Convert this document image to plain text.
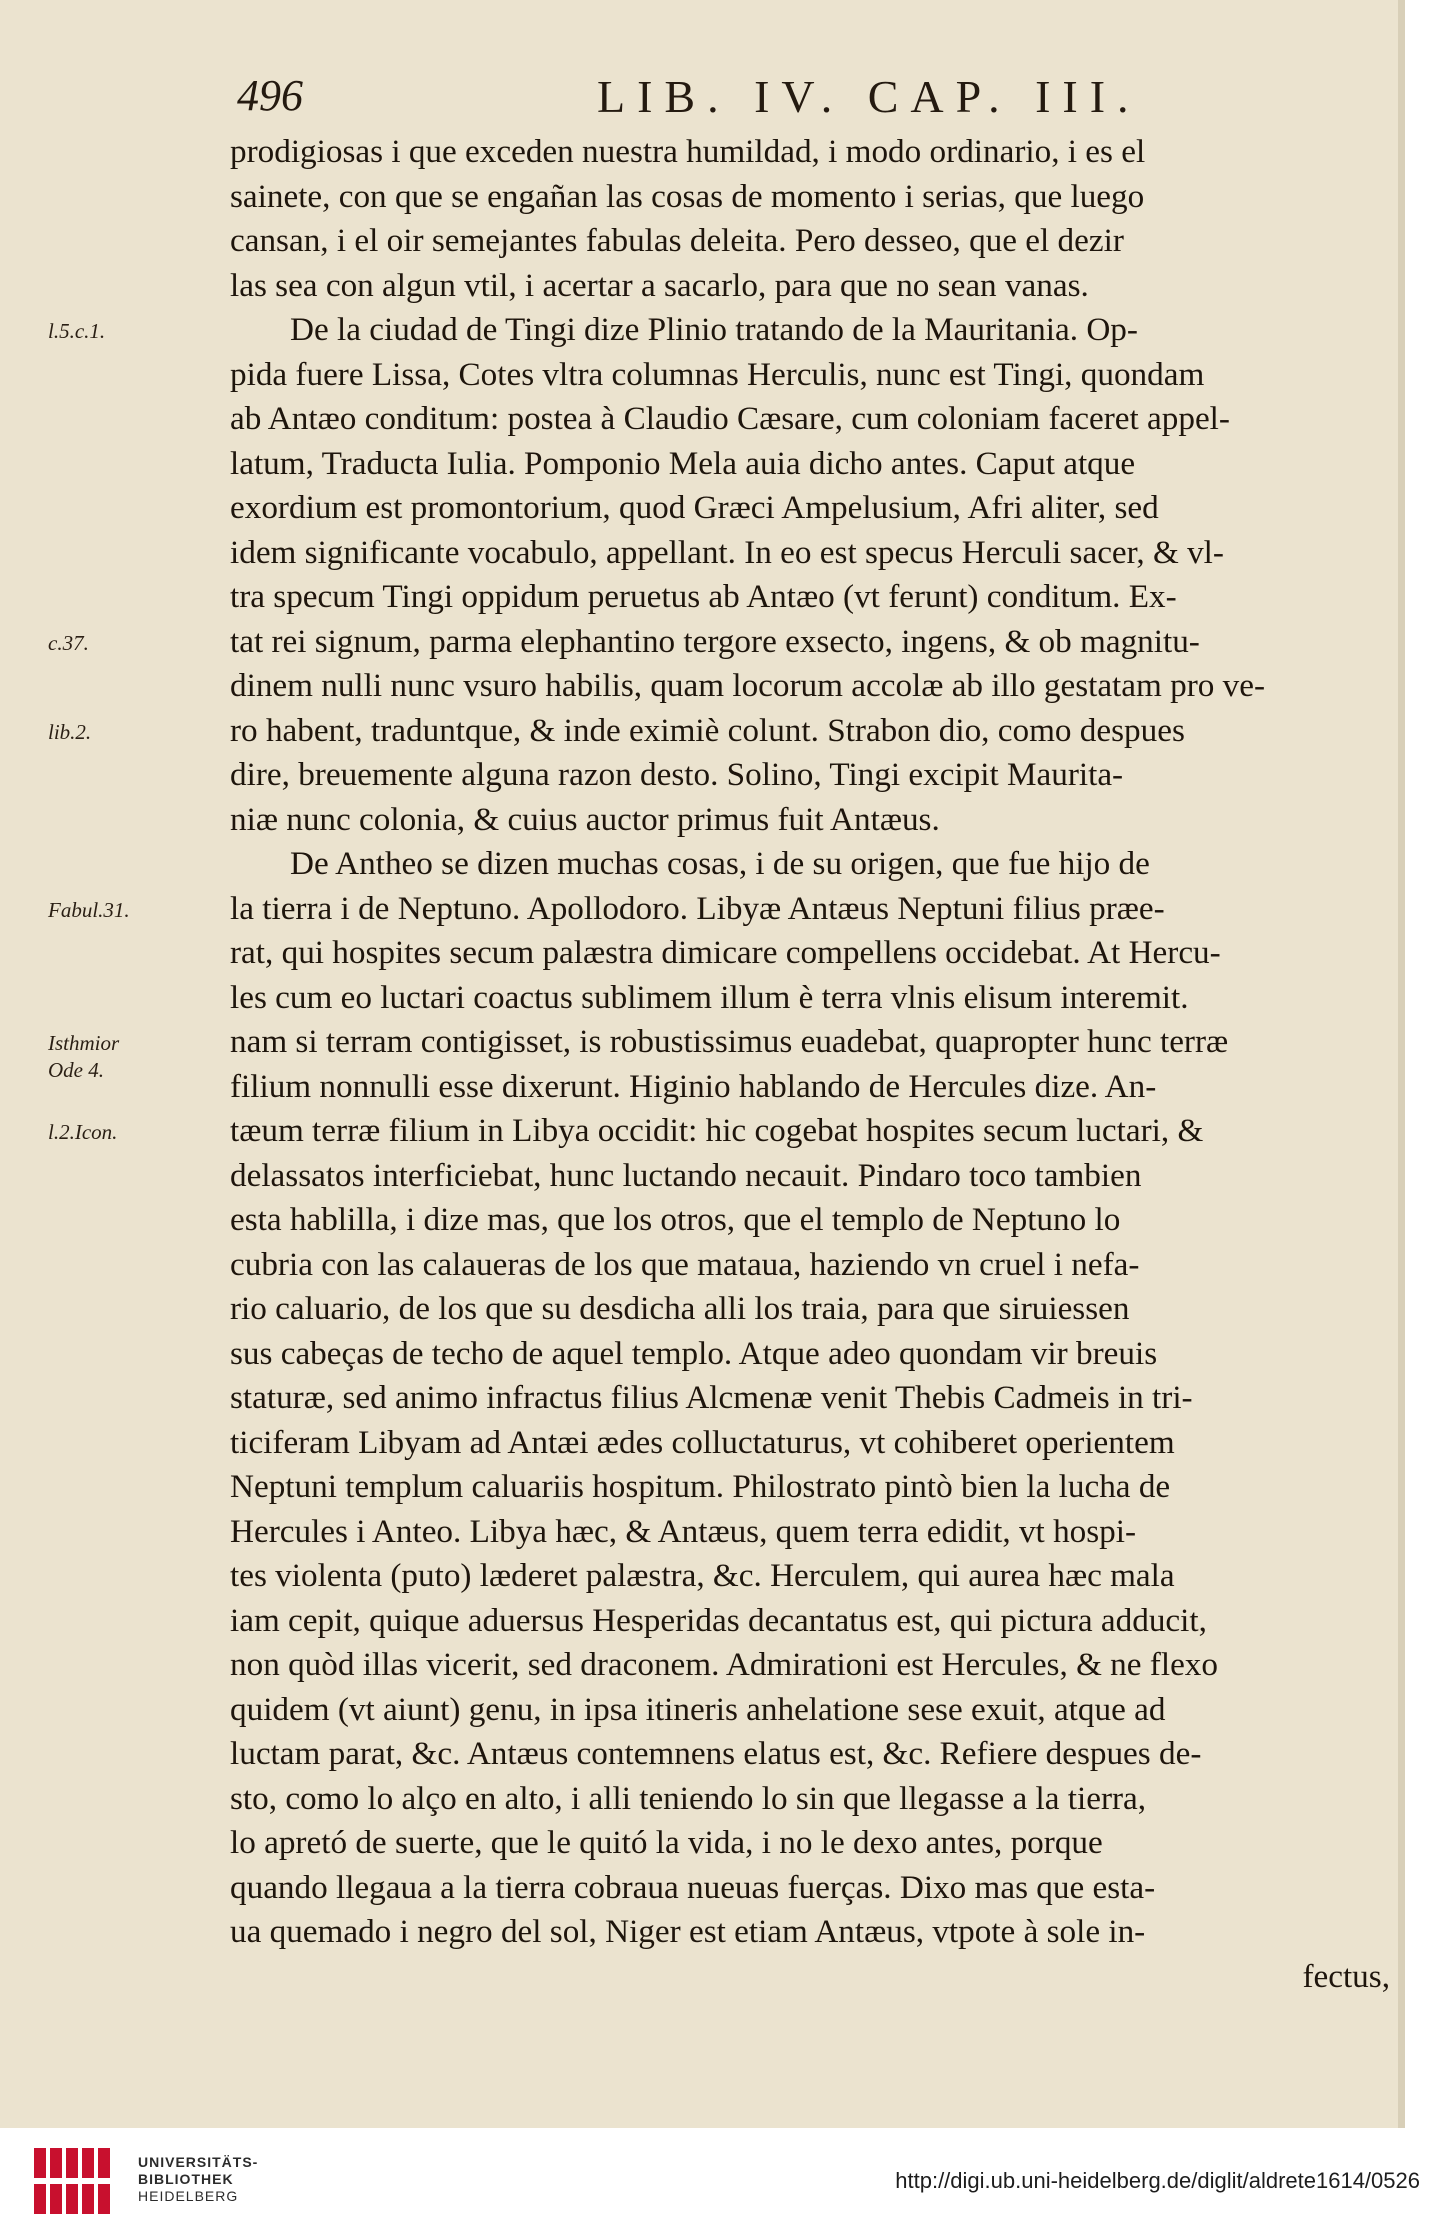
496	LIB. IV. CAP. III.
l.5.c.1.
c.37.
lib.2.
Fabul.31.
Isthmior
Ode 4.
l.2.Icon.
prodigiosas i que exceden nuestra humildad, i modo ordinario, i es el
sainete, con que se engañan las cosas de momento i serias, que luego
cansan, i el oir semejantes fabulas deleita. Pero desseo, que el dezir
las sea con algun vtil, i acertar a sacarlo, para que no sean vanas.
De la ciudad de Tingi dize Plinio tratando de la Mauritania. Op-
pida fuere Lissa, Cotes vltra columnas Herculis, nunc est Tingi, quondam
ab Antæo conditum: postea à Claudio Cæsare, cum coloniam faceret appel-
latum, Traducta Iulia. Pomponio Mela auia dicho antes. Caput atque
exordium est promontorium, quod Græci Ampelusium, Afri aliter, sed
idem significante vocabulo, appellant. In eo est specus Herculi sacer, & vl-
tra specum Tingi oppidum peruetus ab Antæo (vt ferunt) conditum. Ex-
tat rei signum, parma elephantino tergore exsecto, ingens, & ob magnitu-
dinem nulli nunc vsuro habilis, quam locorum accolæ ab illo gestatam pro ve-
ro habent, traduntque, & inde eximiè colunt. Strabon dio, como despues
dire, breuemente alguna razon desto. Solino, Tingi excipit Maurita-
niæ nunc colonia, & cuius auctor primus fuit Antæus.
De Antheo se dizen muchas cosas, i de su origen, que fue hijo de
la tierra i de Neptuno. Apollodoro. Libyæ Antæus Neptuni filius præe-
rat, qui hospites secum palæstra dimicare compellens occidebat. At Hercu-
les cum eo luctari coactus sublimem illum è terra vlnis elisum interemit.
nam si terram contigisset, is robustissimus euadebat, quapropter hunc terræ
filium nonnulli esse dixerunt. Higinio hablando de Hercules dize. An-
tæum terræ filium in Libya occidit: hic cogebat hospites secum luctari, &
delassatos interficiebat, hunc luctando necauit. Pindaro toco tambien
esta hablilla, i dize mas, que los otros, que el templo de Neptuno lo
cubria con las calaueras de los que mataua, haziendo vn cruel i nefa-
rio caluario, de los que su desdicha alli los traia, para que siruiessen
sus cabeças de techo de aquel templo. Atque adeo quondam vir breuis
staturæ, sed animo infractus filius Alcmenæ venit Thebis Cadmeis in tri-
ticiferam Libyam ad Antæi ædes colluctaturus, vt cohiberet operientem
Neptuni templum caluariis hospitum. Philostrato pintò bien la lucha de
Hercules i Anteo. Libya hæc, & Antæus, quem terra edidit, vt hospi-
tes violenta (puto) læderet palæstra, &c. Herculem, qui aurea hæc mala
iam cepit, quique aduersus Hesperidas decantatus est, qui pictura adducit,
non quòd illas vicerit, sed draconem. Admirationi est Hercules, & ne flexo
quidem (vt aiunt) genu, in ipsa itineris anhelatione sese exuit, atque ad
luctam parat, &c. Antæus contemnens elatus est, &c. Refiere despues de-
sto, como lo alço en alto, i alli teniendo lo sin que llegasse a la tierra,
lo apretó de suerte, que le quitó la vida, i no le dexo antes, porque
quando llegaua a la tierra cobraua nueuas fuerças. Dixo mas que esta-
ua quemado i negro del sol, Niger est etiam Antæus, vtpote à sole in-
fectus,
UNIVERSITÄTS-
BIBLIOTHEK
HEIDELBERG
http://digi.ub.uni-heidelberg.de/diglit/aldrete1614/0526
